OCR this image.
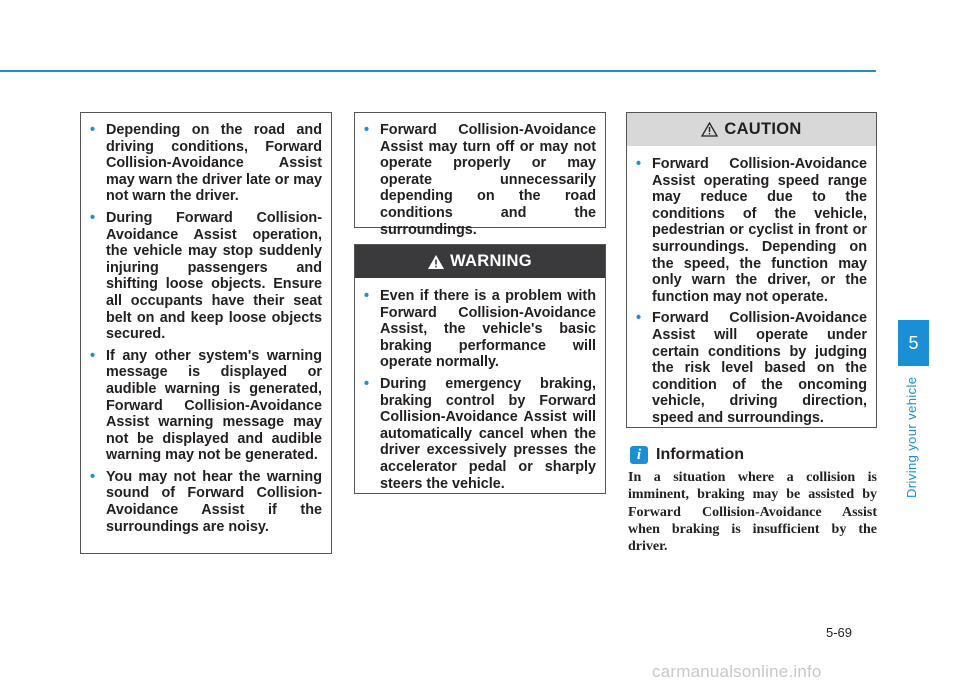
• Depending on the road and driving conditions, Forward Collision-Avoidance Assist may warn the driver late or may not warn the driver.
• During Forward Collision-Avoidance Assist operation, the vehicle may stop suddenly injuring passengers and shifting loose objects. Ensure all occupants have their seat belt on and keep loose objects secured.
• If any other system's warning message is displayed or audible warning is generated, Forward Collision-Avoidance Assist warning message may not be displayed and audible warning may not be generated.
• You may not hear the warning sound of Forward Collision-Avoidance Assist if the surroundings are noisy.
• Forward Collision-Avoidance Assist may turn off or may not operate properly or may operate unnecessarily depending on the road conditions and the surroundings.
WARNING
• Even if there is a problem with Forward Collision-Avoidance Assist, the vehicle's basic braking performance will operate normally.
• During emergency braking, braking control by Forward Collision-Avoidance Assist will automatically cancel when the driver excessively presses the accelerator pedal or sharply steers the vehicle.
CAUTION
• Forward Collision-Avoidance Assist operating speed range may reduce due to the conditions of the vehicle, pedestrian or cyclist in front or surroundings. Depending on the speed, the function may only warn the driver, or the function may not operate.
• Forward Collision-Avoidance Assist will operate under certain conditions by judging the risk level based on the condition of the oncoming vehicle, driving direction, speed and surroundings.
i Information
In a situation where a collision is imminent, braking may be assisted by Forward Collision-Avoidance Assist when braking is insufficient by the driver.
5
Driving your vehicle
5-69
carmanualsonline.info
